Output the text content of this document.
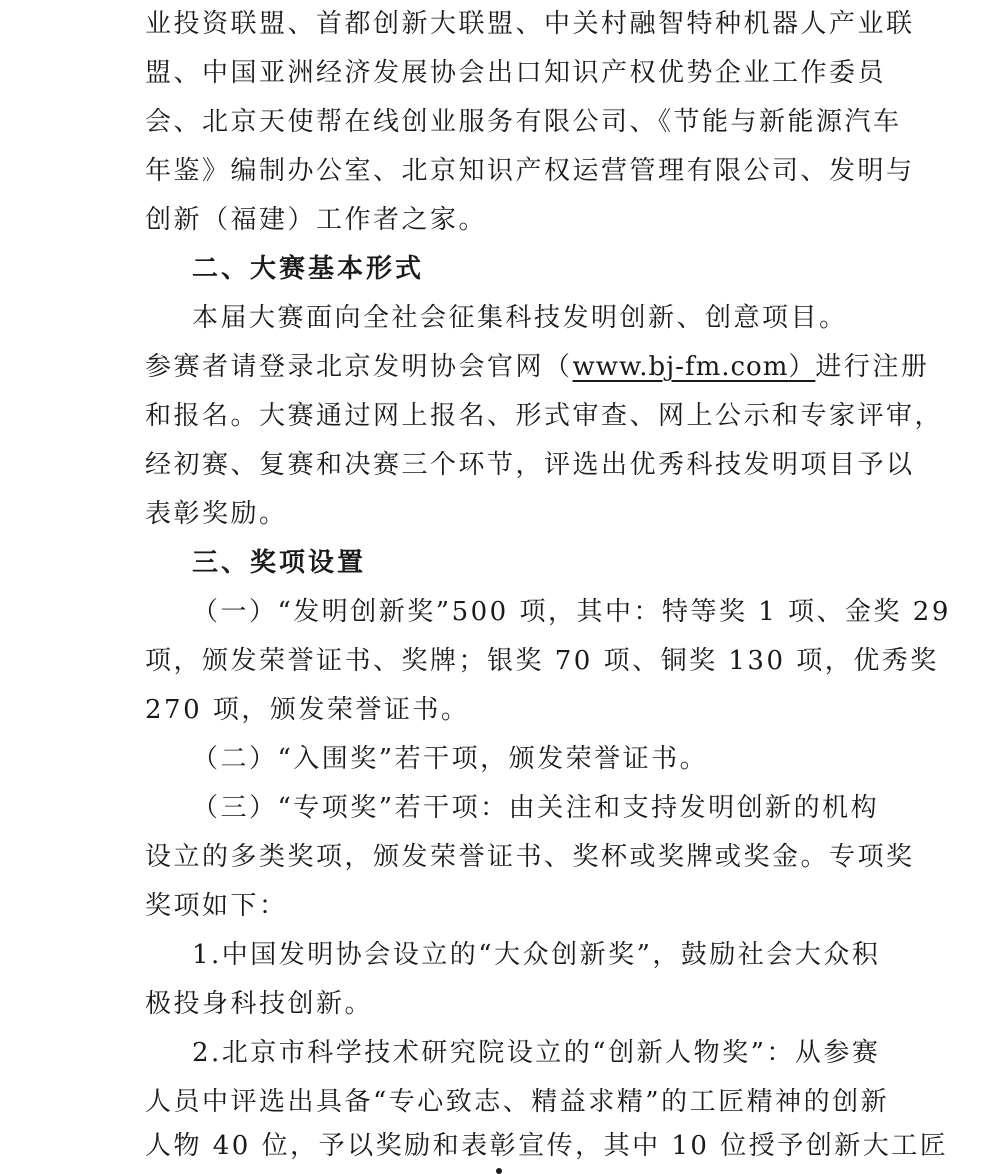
业投资联盟、首都创新大联盟、中关村融智特种机器人产业联
盟、中国亚洲经济发展协会出口知识产权优势企业工作委员
会、北京天使帮在线创业服务有限公司、《节能与新能源汽车
年鉴》编制办公室、北京知识产权运营管理有限公司、发明与
创新（福建）工作者之家。
二、大赛基本形式
本届大赛面向全社会征集科技发明创新、创意项目。
参赛者请登录北京发明协会官网（www.bj-fm.com）进行注册
和报名。大赛通过网上报名、形式审查、网上公示和专家评审，
经初赛、复赛和决赛三个环节，评选出优秀科技发明项目予以
表彰奖励。
三、奖项设置
（一）“发明创新奖”500 项，其中：特等奖 1 项、金奖 29
项，颁发荣誉证书、奖牌；银奖 70 项、铜奖 130 项，优秀奖
270 项，颁发荣誉证书。
（二）“入围奖”若干项，颁发荣誉证书。
（三）“专项奖”若干项：由关注和支持发明创新的机构
设立的多类奖项，颁发荣誉证书、奖杯或奖牌或奖金。专项奖
奖项如下：
1.中国发明协会设立的“大众创新奖”，鼓励社会大众积
极投身科技创新。
2.北京市科学技术研究院设立的“创新人物奖”：从参赛
人员中评选出具备“专心致志、精益求精”的工匠精神的创新
人物 40 位，予以奖励和表彰宣传，其中 10 位授予创新大工匠
